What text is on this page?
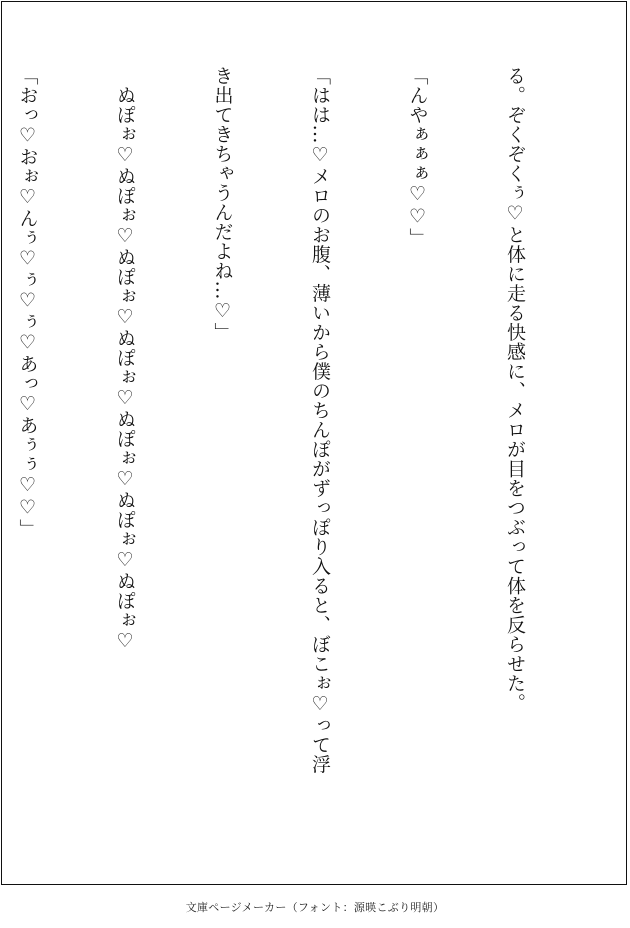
る。ぞくぞくぅ♡と体に走る快感に、メロが目をつぶって体を反らせた。

「んやぁぁぁ♡♡」

「はは…♡メロのお腹、薄いから僕のちんぽがずっぽり入ると、ぼこぉ♡って浮

き出てきちゃうんだよね…♡」

　ぬぽぉ♡ぬぽぉ♡ぬぽぉ♡ぬぽぉ♡ぬぽぉ♡ぬぽぉ♡ぬぽぉ♡

「おっ♡おぉ♡んぅ♡ぅ♡ぅ♡あっ♡あぅぅ♡♡」

文庫ページメーカー（フォント：源暎こぶり明朝）
